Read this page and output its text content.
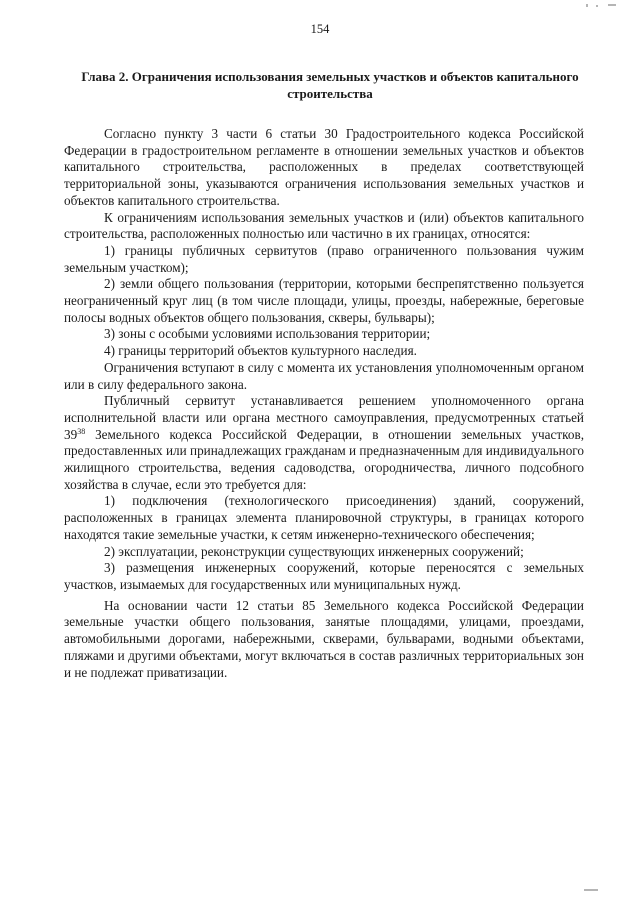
154
Глава 2. Ограничения использования земельных участков и объектов капитального строительства

Согласно пункту 3 части 6 статьи 30 Градостроительного кодекса Российской Федерации в градостроительном регламенте в отношении земельных участков и объектов капитального строительства, расположенных в пределах соответствующей территориальной зоны, указываются ограничения использования земельных участков и объектов капитального строительства.

К ограничениям использования земельных участков и (или) объектов капитального строительства, расположенных полностью или частично в их границах, относятся:

1) границы публичных сервитутов (право ограниченного пользования чужим земельным участком);

2) земли общего пользования (территории, которыми беспрепятственно пользуется неограниченный круг лиц (в том числе площади, улицы, проезды, набережные, береговые полосы водных объектов общего пользования, скверы, бульвары);

3) зоны с особыми условиями использования территории;

4) границы территорий объектов культурного наследия.

Ограничения вступают в силу с момента их установления уполномоченным органом или в силу федерального закона.

Публичный сервитут устанавливается решением уполномоченного органа исполнительной власти или органа местного самоуправления, предусмотренных статьей $39^{38}$ Земельного кодекса Российской Федерации, в отношении земельных участков, предоставленных или принадлежащих гражданам и предназначенным для индивидуального жилищного строительства, ведения садоводства, огородничества, личного подсобного хозяйства в случае, если это требуется для:

1) подключения (технологического присоединения) зданий, сооружений, расположенных в границах элемента планировочной структуры, в границах которого находятся такие земельные участки, к сетям инженерно-технического обеспечения;

2) эксплуатации, реконструкции существующих инженерных сооружений;

3) размещения инженерных сооружений, которые переносятся с земельных участков, изымаемых для государственных или муниципальных нужд.

На основании части 12 статьи 85 Земельного кодекса Российской Федерации земельные участки общего пользования, занятые площадями, улицами, проездами, автомобильными дорогами, набережными, скверами, бульварами, водными объектами, пляжами и другими объектами, могут включаться в состав различных территориальных зон и не подлежат приватизации.
